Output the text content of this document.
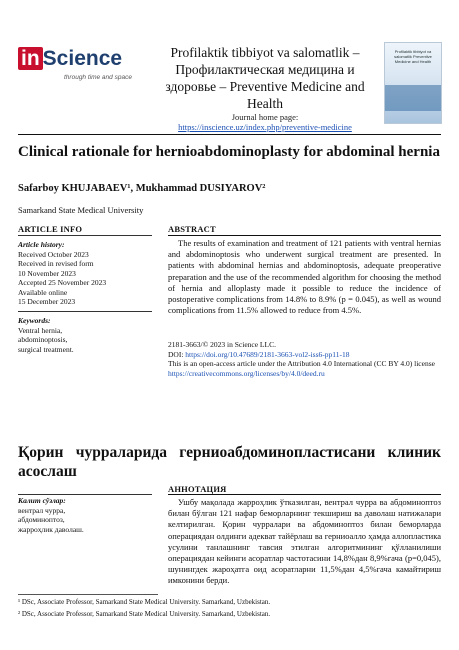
in Science
through time and space
Profilaktik tibbiyot va salomatlik – Профилактическая медицина и здоровье – Preventive Medicine and Health
Journal home page:
https://inscience.uz/index.php/preventive-medicine
Profilaktik tibbiyot va salomatlik Preventive Medicine and Health
Clinical rationale for hernioabdominoplasty for abdominal hernia
Safarboy KHUJABAEV¹, Mukhammad DUSIYAROV²
Samarkand State Medical University
ARTICLE INFO	ABSTRACT
Article history:
Received October 2023
Received in revised form
10 November 2023
Accepted 25 November 2023
Available online
15 December 2023
Keywords:
Ventral hernia,
abdominoptosis,
surgical treatment.

The results of examination and treatment of 121 patients with ventral hernias and abdominoptosis who underwent surgical treatment are presented. In patients with abdominal hernias and abdominoptosis, adequate preoperative preparation and the use of the recommended algorithm for choosing the method of hernia and alloplasty made it possible to reduce the incidence of postoperative complications from 14.8% to 8.9% (p = 0.045), as well as wound complications from 11.5% allowed to reduce from 4.5%.

2181-3663/© 2023 in Science LLC.
DOI: https://doi.org/10.47689/2181-3663-vol2-iss6-pp11-18
This is an open-access article under the Attribution 4.0 International (CC BY 4.0) license https://creativecommons.org/licenses/by/4.0/deed.ru
Қорин чурраларида герниоабдоминопластисани клиник асослаш
АННОТАЦИЯ
Калит сўзлар:
вентрал чурра,
абдоминоптоз,
жарроҳлик даволаш.

Ушбу мақолада жарроҳлик ўтказилган, вентрал чурра ва абдоминоптоз билан бўлган 121 нафар беморларнинг текшириш ва даволаш натижалари келтирилган. Қорин чурралари ва абдоминоптоз билан беморларда операциядан олдинги адекват тайёрлаш ва герниоалло ҳамда аллопластика усулини танлашнинг тавсия этилган алгоритмининг қўлланилиши операциядан кейинги асоратлар частотасини 14,8%дан 8,9%гача (p=0,045), шунингдек жароҳатга оид асоратларни 11,5%дан 4,5%гача камайтириш имконини берди.

¹ DSc, Associate Professor, Samarkand State Medical University. Samarkand, Uzbekistan.
² DSc, Associate Professor, Samarkand State Medical University. Samarkand, Uzbekistan.
